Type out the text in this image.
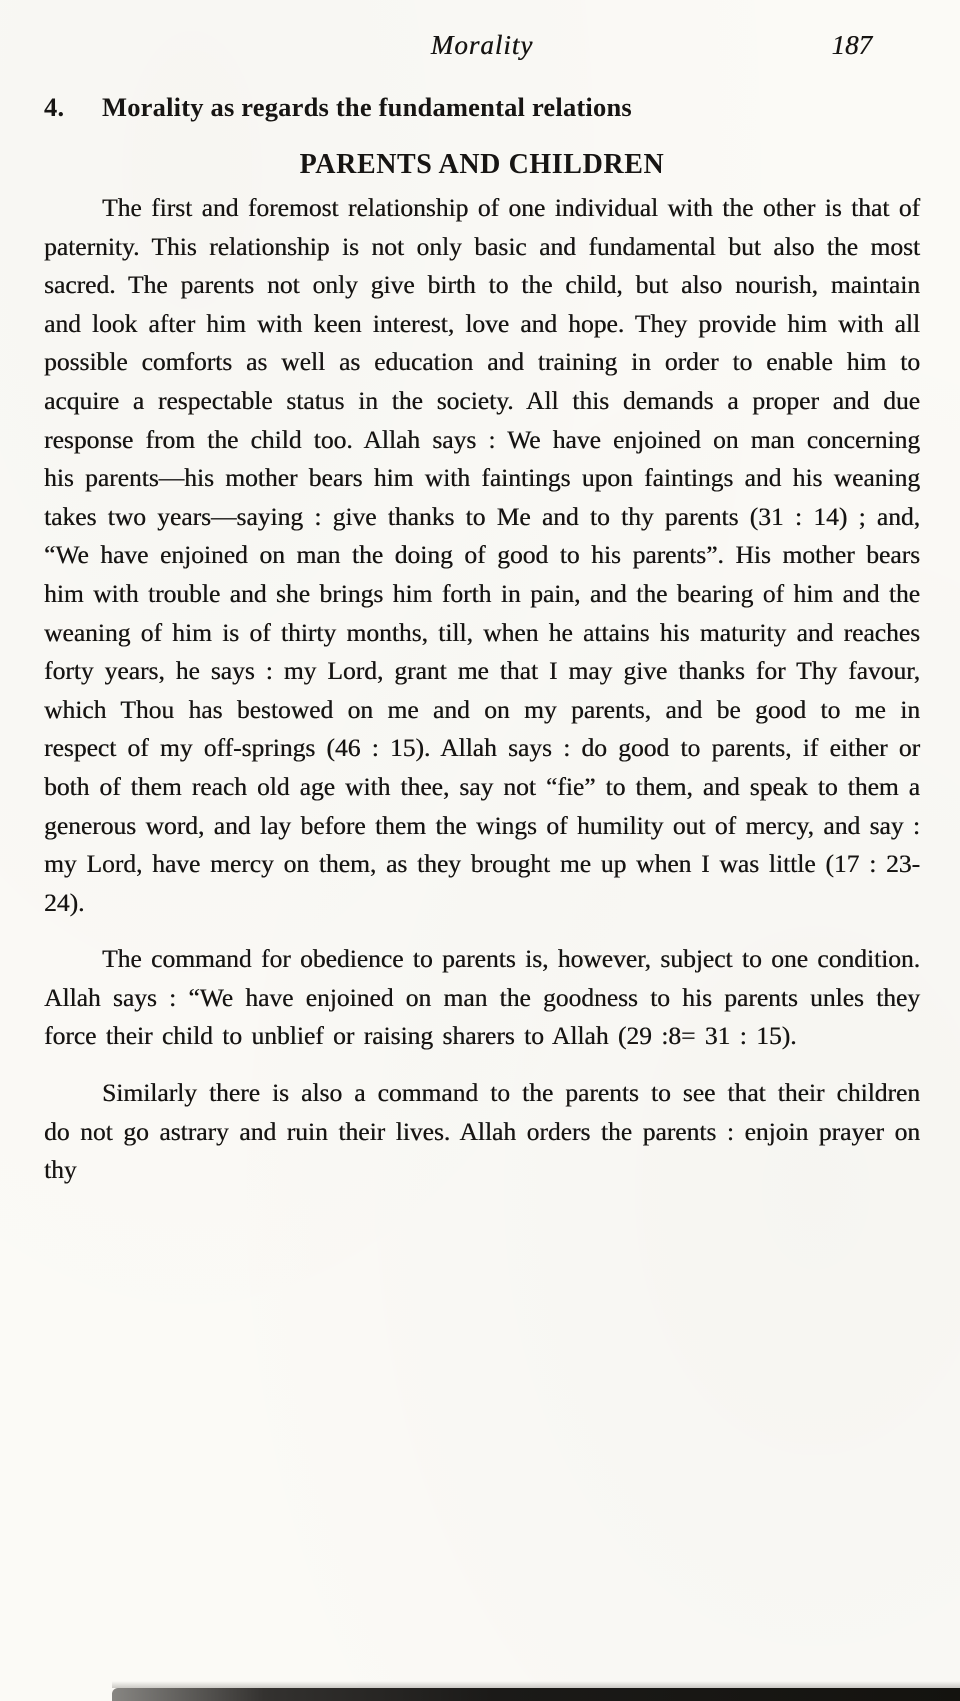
Morality	187
4. Morality as regards the fundamental relations
PARENTS AND CHILDREN

The first and foremost relationship of one individual with the other is that of paternity. This relationship is not only basic and fundamental but also the most sacred. The parents not only give birth to the child, but also nourish, maintain and look after him with keen interest, love and hope. They provide him with all possible comforts as well as education and training in order to enable him to acquire a respectable status in the society. All this demands a proper and due response from the child too. Allah says : We have enjoined on man concerning his parents—his mother bears him with faintings upon faintings and his weaning takes two years—saying : give thanks to Me and to thy parents (31 : 14) ; and, “We have enjoined on man the doing of good to his parents”. His mother bears him with trouble and she brings him forth in pain, and the bearing of him and the weaning of him is of thirty months, till, when he attains his maturity and reaches forty years, he says : my Lord, grant me that I may give thanks for Thy favour, which Thou has bestowed on me and on my parents, and be good to me in respect of my off-springs (46 : 15). Allah says : do good to parents, if either or both of them reach old age with thee, say not “fie” to them, and speak to them a generous word, and lay before them the wings of humility out of mercy, and say : my Lord, have mercy on them, as they brought me up when I was little (17 : 23-24).

The command for obedience to parents is, however, subject to one condition. Allah says : “We have enjoined on man the goodness to his parents unles they force their child to unblief or raising sharers to Allah (29 :8= 31 : 15).

Similarly there is also a command to the parents to see that their children do not go astrary and ruin their lives. Allah orders the parents : enjoin prayer on thy
